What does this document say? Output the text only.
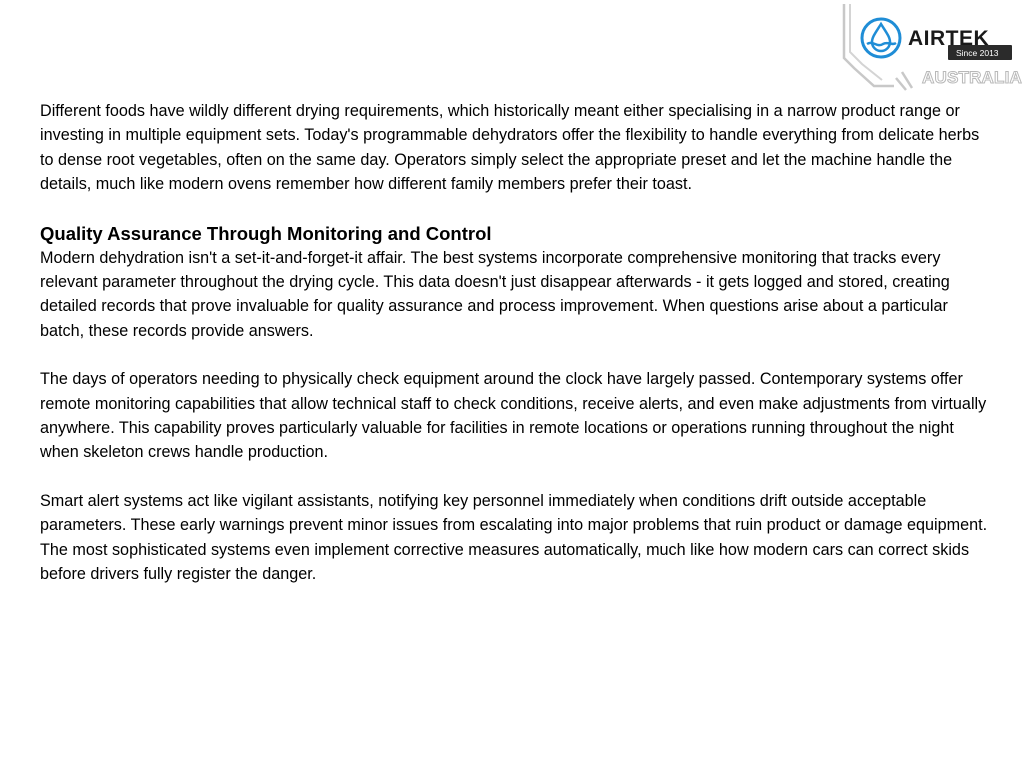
AIRTEK
Since 2013
AUSTRALIA

Different foods have wildly different drying requirements, which historically meant either specialising in a narrow product range or investing in multiple equipment sets. Today's programmable dehydrators offer the flexibility to handle everything from delicate herbs to dense root vegetables, often on the same day. Operators simply select the appropriate preset and let the machine handle the details, much like modern ovens remember how different family members prefer their toast.

Quality Assurance Through Monitoring and Control

Modern dehydration isn't a set-it-and-forget-it affair. The best systems incorporate comprehensive monitoring that tracks every relevant parameter throughout the drying cycle. This data doesn't just disappear afterwards - it gets logged and stored, creating detailed records that prove invaluable for quality assurance and process improvement. When questions arise about a particular batch, these records provide answers.

The days of operators needing to physically check equipment around the clock have largely passed. Contemporary systems offer remote monitoring capabilities that allow technical staff to check conditions, receive alerts, and even make adjustments from virtually anywhere. This capability proves particularly valuable for facilities in remote locations or operations running throughout the night when skeleton crews handle production.

Smart alert systems act like vigilant assistants, notifying key personnel immediately when conditions drift outside acceptable parameters. These early warnings prevent minor issues from escalating into major problems that ruin product or damage equipment. The most sophisticated systems even implement corrective measures automatically, much like how modern cars can correct skids before drivers fully register the danger.
